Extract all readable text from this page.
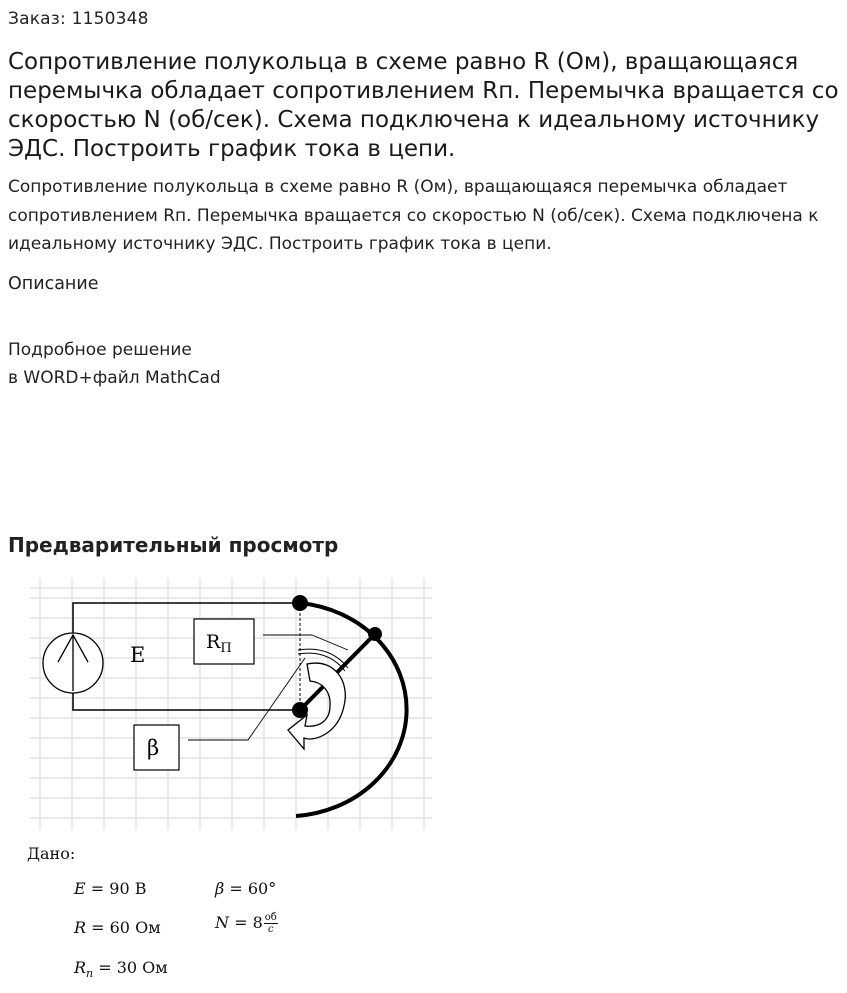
Заказ: 1150348
Сопротивление полукольца в схеме равно R (Ом), вращающаяся перемычка обладает сопротивлением Rп. Перемычка вращается со скоростью N (об/сек). Схема подключена к идеальному источнику ЭДС. Построить график тока в цепи.

Сопротивление полукольца в схеме равно R (Ом), вращающаяся перемычка обладает сопротивлением Rп. Перемычка вращается со скоростью N (об/сек). Схема подключена к идеальному источнику ЭДС. Построить график тока в цепи.

Описание

Подробное решение
в WORD+файл MathCad

Предварительный просмотр
E
$R_П$
β
Дано:
E = 90 В	β = 60°
R = 60 Ом	$N = 8 \frac{об}{с}$
$R_п = 30$ Ом
